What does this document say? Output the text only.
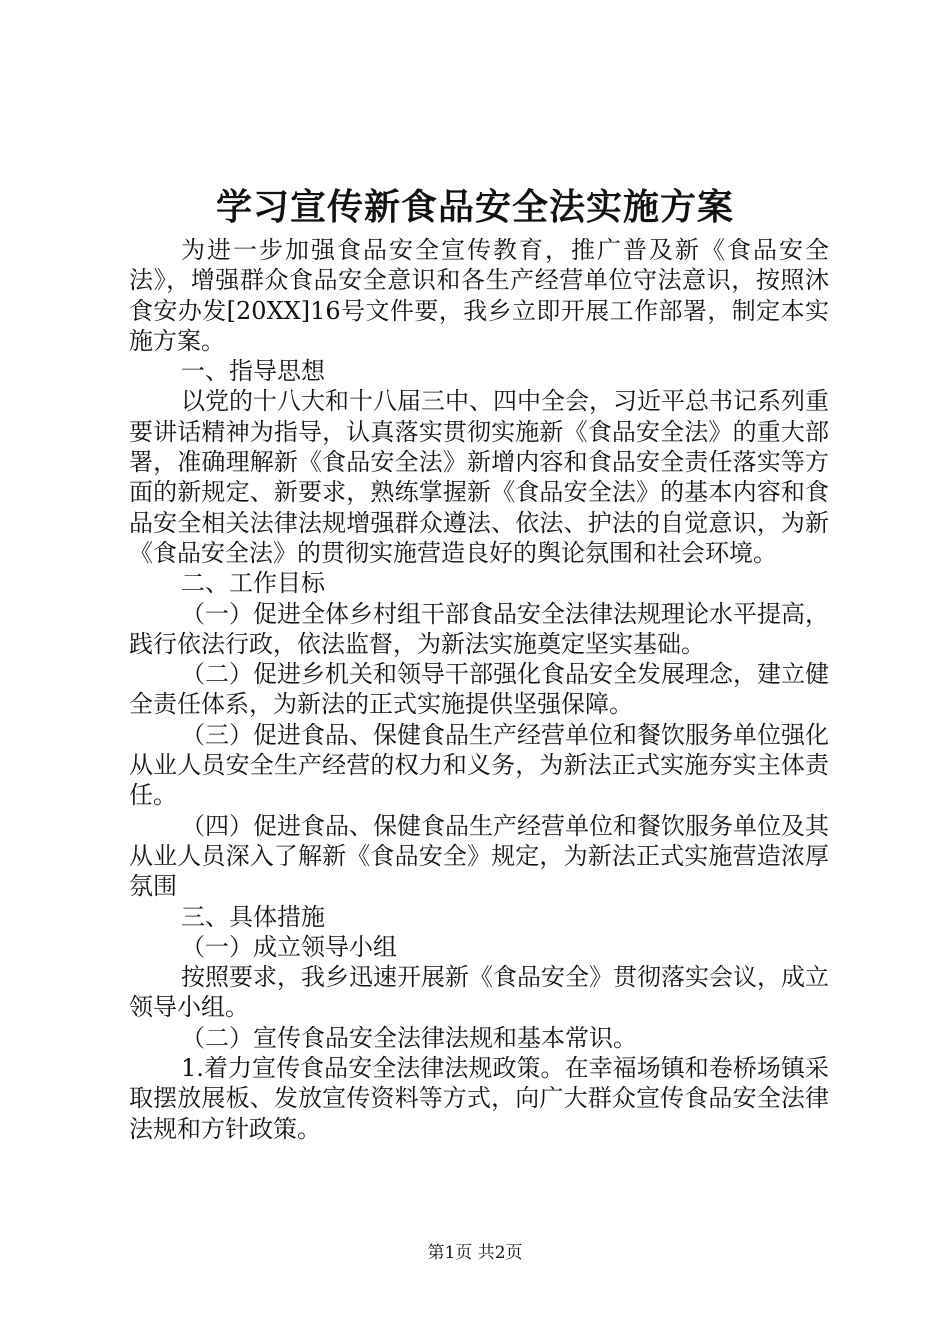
学习宣传新食品安全法实施方案

为进一步加强食品安全宣传教育，推广普及新《食品安全法》，增强群众食品安全意识和各生产经营单位守法意识，按照沐食安办发[20XX]16号文件要，我乡立即开展工作部署，制定本实施方案。

一、指导思想

以党的十八大和十八届三中、四中全会，习近平总书记系列重要讲话精神为指导，认真落实贯彻实施新《食品安全法》的重大部署，准确理解新《食品安全法》新增内容和食品安全责任落实等方面的新规定、新要求，熟练掌握新《食品安全法》的基本内容和食品安全相关法律法规增强群众遵法、依法、护法的自觉意识，为新《食品安全法》的贯彻实施营造良好的舆论氛围和社会环境。

二、工作目标

（一）促进全体乡村组干部食品安全法律法规理论水平提高，践行依法行政，依法监督，为新法实施奠定坚实基础。

（二）促进乡机关和领导干部强化食品安全发展理念，建立健全责任体系，为新法的正式实施提供坚强保障。

（三）促进食品、保健食品生产经营单位和餐饮服务单位强化从业人员安全生产经营的权力和义务，为新法正式实施夯实主体责任。

（四）促进食品、保健食品生产经营单位和餐饮服务单位及其从业人员深入了解新《食品安全》规定，为新法正式实施营造浓厚氛围

三、具体措施

（一）成立领导小组

按照要求，我乡迅速开展新《食品安全》贯彻落实会议，成立领导小组。

（二）宣传食品安全法律法规和基本常识。

1.着力宣传食品安全法律法规政策。在幸福场镇和卷桥场镇采取摆放展板、发放宣传资料等方式，向广大群众宣传食品安全法律法规和方针政策。

第1页 共2页
